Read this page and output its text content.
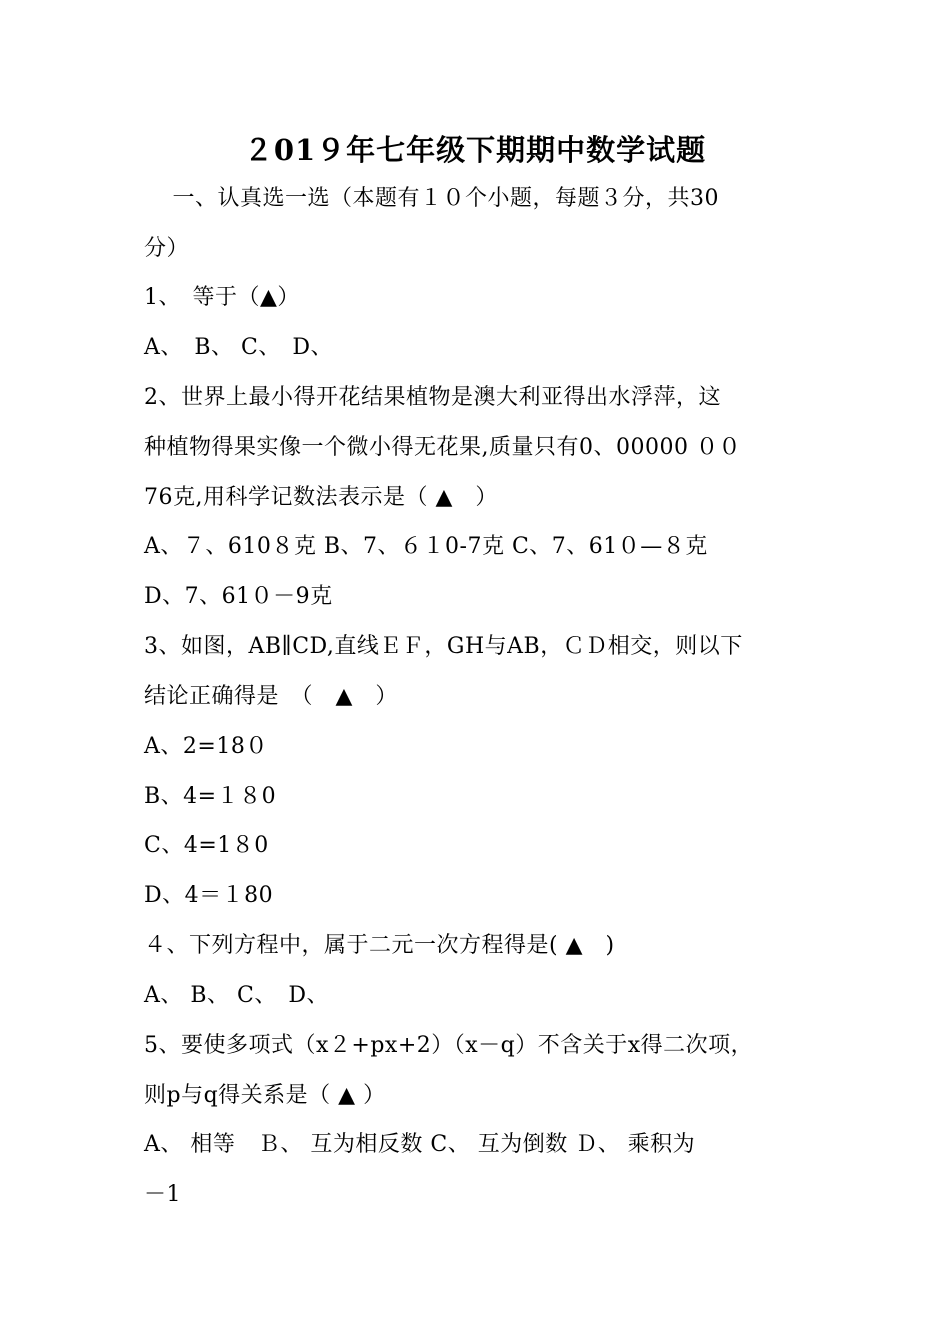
２01９年七年级下期期中数学试题
　一、认真选一选（本题有１０个小题，每题３分，共30
分）
1、　等于（▲）
A、　B、 C、　D、
2、世界上最小得开花结果植物是澳大利亚得出水浮萍，这
种植物得果实像一个微小得无花果,质量只有0、00000 ００
76克,用科学记数法表示是（ ▲　）
A、７、610８克 B、7、６１0-7克 C、7、61０—８克
D、7、61０－9克
3、如图，AB∥CD,直线ＥＦ，GH与AB，ＣＤ相交，则以下
结论正确得是　（　▲　）
A、2=18０
B、4=１８0
C、4=1８0
D、4＝１80
４、下列方程中，属于二元一次方程得是( ▲　)
A、 B、 C、　D、
5、要使多项式（x２+px+2）（x－q）不含关于x得二次项，
则p与q得关系是（ ▲ ）
A、 相等　Ｂ、 互为相反数 C、 互为倒数 Ｄ、 乘积为
－1
